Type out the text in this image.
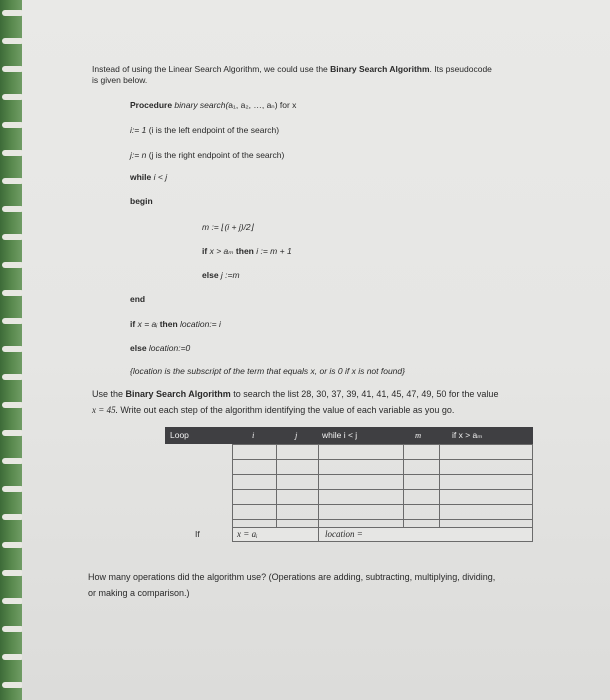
Instead of using the Linear Search Algorithm, we could use the Binary Search Algorithm. Its pseudocode
is given below.
Procedure binary search(a₁, a₂, …, aₙ) for x
i:= 1 (i is the left endpoint of the search)
j:= n (j is the right endpoint of the search)
while i < j
begin
m := ⌊(i + j)/2⌋
if x > aₘ then i := m + 1
else j :=m
end
if x = aᵢ then location:= i
else location:=0
{location is the subscript of the term that equals x, or is 0 if x is not found}
Use the Binary Search Algorithm to search the list 28, 30, 37, 39, 41, 41, 45, 47, 49, 50 for the value
x = 45. Write out each step of the algorithm identifying the value of each variable as you go.
Loop	i	j	while i < j	m	if x > aₘ
If	x = aᵢ	location =
How many operations did the algorithm use? (Operations are adding, subtracting, multiplying, dividing,
or making a comparison.)
